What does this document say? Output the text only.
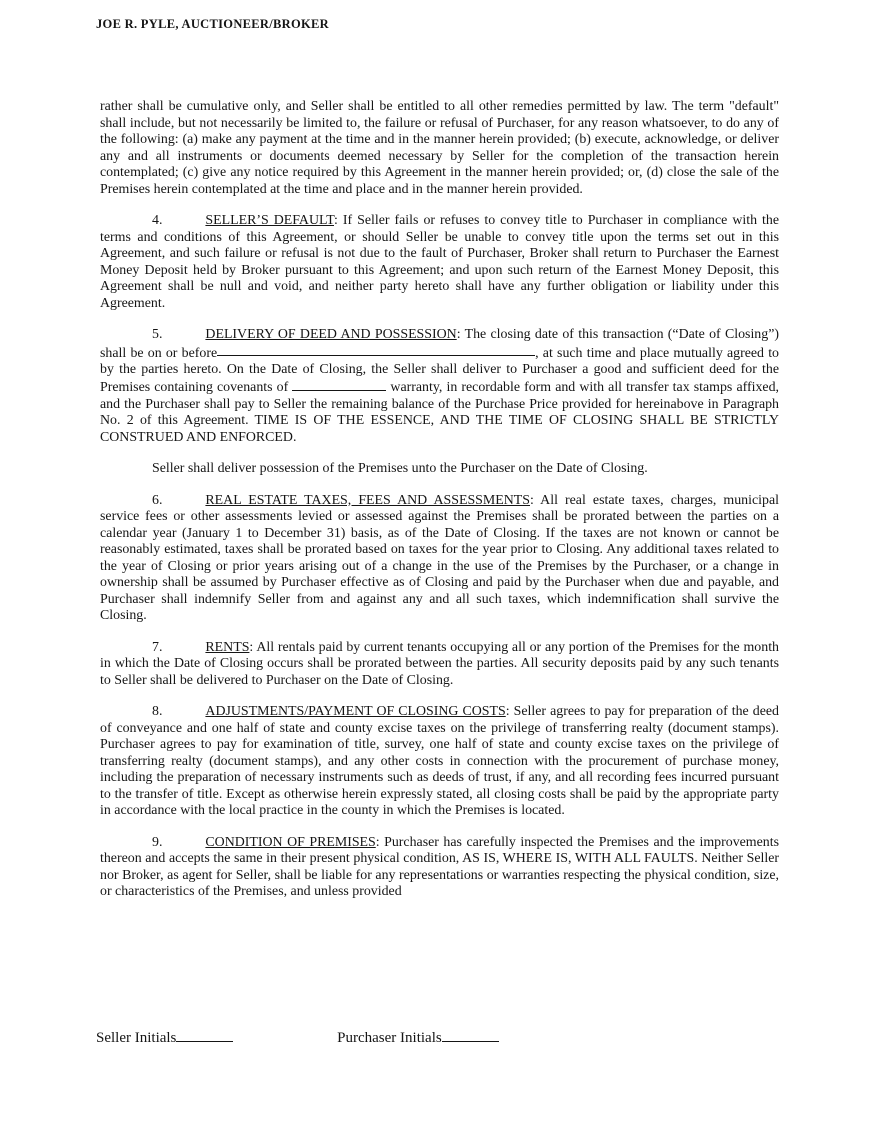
JOE R. PYLE, AUCTIONEER/BROKER

rather shall be cumulative only, and Seller shall be entitled to all other remedies permitted by law. The term "default" shall include, but not necessarily be limited to, the failure or refusal of Purchaser, for any reason whatsoever, to do any of the following: (a) make any payment at the time and in the manner herein provided; (b) execute, acknowledge, or deliver any and all instruments or documents deemed necessary by Seller for the completion of the transaction herein contemplated; (c) give any notice required by this Agreement in the manner herein provided; or, (d) close the sale of the Premises herein contemplated at the time and place and in the manner herein provided.

4.	SELLER’S DEFAULT: If Seller fails or refuses to convey title to Purchaser in compliance with the terms and conditions of this Agreement, or should Seller be unable to convey title upon the terms set out in this Agreement, and such failure or refusal is not due to the fault of Purchaser, Broker shall return to Purchaser the Earnest Money Deposit held by Broker pursuant to this Agreement; and upon such return of the Earnest Money Deposit, this Agreement shall be null and void, and neither party hereto shall have any further obligation or liability under this Agreement.

5.	DELIVERY OF DEED AND POSSESSION: The closing date of this transaction (“Date of Closing”) shall be on or before	, at such time and place mutually agreed to by the parties hereto. On the Date of Closing, the Seller shall deliver to Purchaser a good and sufficient deed for the Premises containing covenants of	warranty, in recordable form and with all transfer tax stamps affixed, and the Purchaser shall pay to Seller the remaining balance of the Purchase Price provided for hereinabove in Paragraph No. 2 of this Agreement. TIME IS OF THE ESSENCE, AND THE TIME OF CLOSING SHALL BE STRICTLY CONSTRUED AND ENFORCED.

Seller shall deliver possession of the Premises unto the Purchaser on the Date of Closing.

6.	REAL ESTATE TAXES, FEES AND ASSESSMENTS: All real estate taxes, charges, municipal service fees or other assessments levied or assessed against the Premises shall be prorated between the parties on a calendar year (January 1 to December 31) basis, as of the Date of Closing. If the taxes are not known or cannot be reasonably estimated, taxes shall be prorated based on taxes for the year prior to Closing. Any additional taxes related to the year of Closing or prior years arising out of a change in the use of the Premises by the Purchaser, or a change in ownership shall be assumed by Purchaser effective as of Closing and paid by the Purchaser when due and payable, and Purchaser shall indemnify Seller from and against any and all such taxes, which indemnification shall survive the Closing.

7.	RENTS: All rentals paid by current tenants occupying all or any portion of the Premises for the month in which the Date of Closing occurs shall be prorated between the parties. All security deposits paid by any such tenants to Seller shall be delivered to Purchaser on the Date of Closing.

8.	ADJUSTMENTS/PAYMENT OF CLOSING COSTS: Seller agrees to pay for preparation of the deed of conveyance and one half of state and county excise taxes on the privilege of transferring realty (document stamps). Purchaser agrees to pay for examination of title, survey, one half of state and county excise taxes on the privilege of transferring realty (document stamps), and any other costs in connection with the procurement of purchase money, including the preparation of necessary instruments such as deeds of trust, if any, and all recording fees incurred pursuant to the transfer of title. Except as otherwise herein expressly stated, all closing costs shall be paid by the appropriate party in accordance with the local practice in the county in which the Premises is located.

9.	CONDITION OF PREMISES: Purchaser has carefully inspected the Premises and the improvements thereon and accepts the same in their present physical condition, AS IS, WHERE IS, WITH ALL FAULTS. Neither Seller nor Broker, as agent for Seller, shall be liable for any representations or warranties respecting the physical condition, size, or characteristics of the Premises, and unless provided

Seller Initials	Purchaser Initials
